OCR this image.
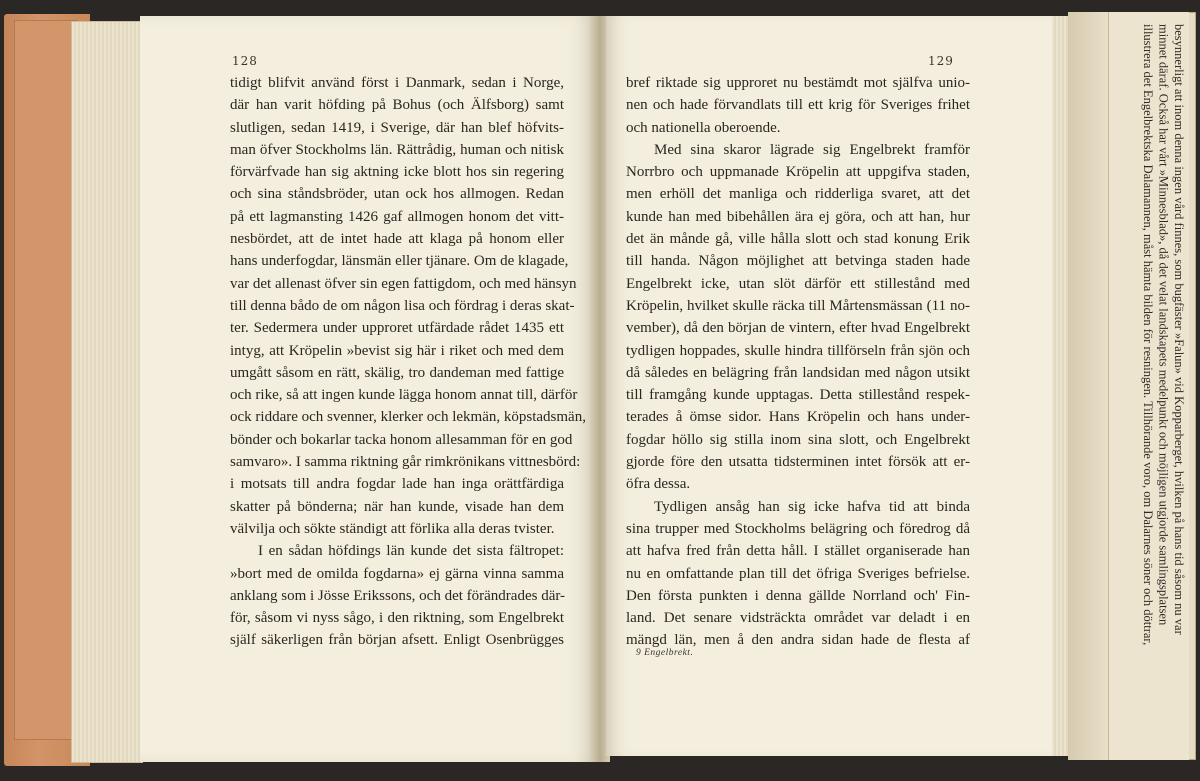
128	129
tidigt blifvit använd först i Danmark, sedan i Norge,
där han varit höfding på Bohus (och Älfsborg) samt
slutligen, sedan 1419, i Sverige, där han blef höfvits-
man öfver Stockholms län. Rättrådig, human och nitisk
förvärfvade han sig aktning icke blott hos sin regering
och sina ståndsbröder, utan ock hos allmogen. Redan
på ett lagmansting 1426 gaf allmogen honom det vitt-
nesbördet, att de intet hade att klaga på honom eller
hans underfogdar, länsmän eller tjänare. Om de klagade,
var det allenast öfver sin egen fattigdom, och med hänsyn
till denna bådo de om någon lisa och fördrag i deras skat-
ter. Sedermera under upproret utfärdade rådet 1435 ett
intyg, att Kröpelin »bevist sig här i riket och med dem
umgått såsom en rätt, skälig, tro dandeman med fattige
och rike, så att ingen kunde lägga honom annat till, därför
ock riddare och svenner, klerker och lekmän, köpstadsmän,
bönder och bokarlar tacka honom allesamman för en god
samvaro». I samma riktning går rimkrönikans vittnesbörd:
i motsats till andra fogdar lade han inga orättfärdiga
skatter på bönderna; när han kunde, visade han dem
välvilja och sökte ständigt att förlika alla deras tvister.
I en sådan höfdings län kunde det sista fältropet:
»bort med de omilda fogdarna» ej gärna vinna samma
anklang som i Jösse Erikssons, och det förändrades där-
för, såsom vi nyss sågo, i den riktning, som Engelbrekt
själf säkerligen från början afsett. Enligt Osenbrügges
bref riktade sig upproret nu bestämdt mot själfva unio-
nen och hade förvandlats till ett krig för Sveriges frihet
och nationella oberoende.
Med sina skaror lägrade sig Engelbrekt framför
Norrbro och uppmanade Kröpelin att uppgifva staden,
men erhöll det manliga och ridderliga svaret, att det
kunde han med bibehållen ära ej göra, och att han, hur
det än månde gå, ville hålla slott och stad konung Erik
till handa. Någon möjlighet att betvinga staden hade
Engelbrekt icke, utan slöt därför ett stillestånd med
Kröpelin, hvilket skulle räcka till Mårtensmässan (11 no-
vember), då den början de vintern, efter hvad Engelbrekt
tydligen hoppades, skulle hindra tillförseln från sjön och
då således en belägring från landsidan med någon utsikt
till framgång kunde upptagas. Detta stillestånd respek-
terades å ömse sidor. Hans Kröpelin och hans under-
fogdar höllo sig stilla inom sina slott, och Engelbrekt
gjorde före den utsatta tidsterminen intet försök att er-
öfra dessa.
Tydligen ansåg han sig icke hafva tid att binda
sina trupper med Stockholms belägring och föredrog då
att hafva fred från detta håll. I stället organiserade han
nu en omfattande plan till det öfriga Sveriges befrielse.
Den första punkten i denna gällde Norrland och' Fin-
land. Det senare vidsträckta området var deladt i en
mängd län, men å den andra sidan hade de flesta af
9 Engelbrekt.
besynnerligt att inom denna ingen vård finnes, som bugfäster »Falun» vid Kopparberget, hvilken på hans tid såsom nu var
minnet däraf. Också har vårt »Minnesblad», då det velat landskapets medelpunkt och möjligen utgjorde samlingsplatsen
illustrera det Engelbrektska Dalamannen, måst hämta bilden för resningen. Tillhörande voro, om Dalarnes söner och döttrar,
